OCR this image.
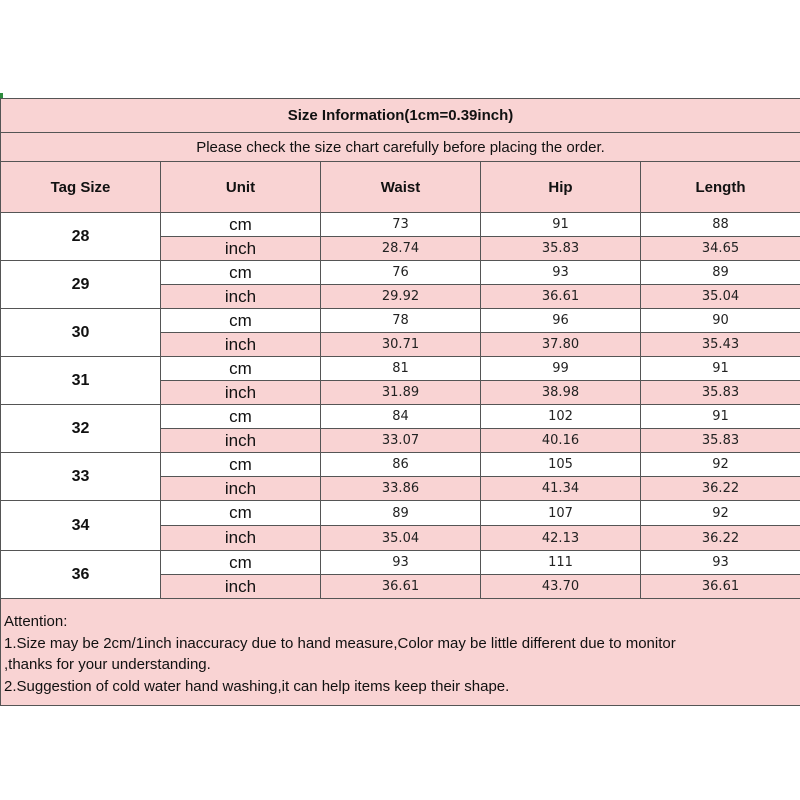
Size Information(1cm=0.39inch)				
Please check the size chart carefully before placing the order.				
Tag Size	Unit	Waist	Hip	Length
28	cm	73	91	88
	inch	28.74	35.83	34.65
29	cm	76	93	89
	inch	29.92	36.61	35.04
30	cm	78	96	90
	inch	30.71	37.80	35.43
31	cm	81	99	91
	inch	31.89	38.98	35.83
32	cm	84	102	91
	inch	33.07	40.16	35.83
33	cm	86	105	92
	inch	33.86	41.34	36.22
34	cm	89	107	92
	inch	35.04	42.13	36.22
36	cm	93	111	93
	inch	36.61	43.70	36.61

Attention:
1.Size may be 2cm/1inch inaccuracy due to hand measure,Color may be little different due to monitor
,thanks for your understanding.
2.Suggestion of cold water hand washing,it can help items keep their shape.				
